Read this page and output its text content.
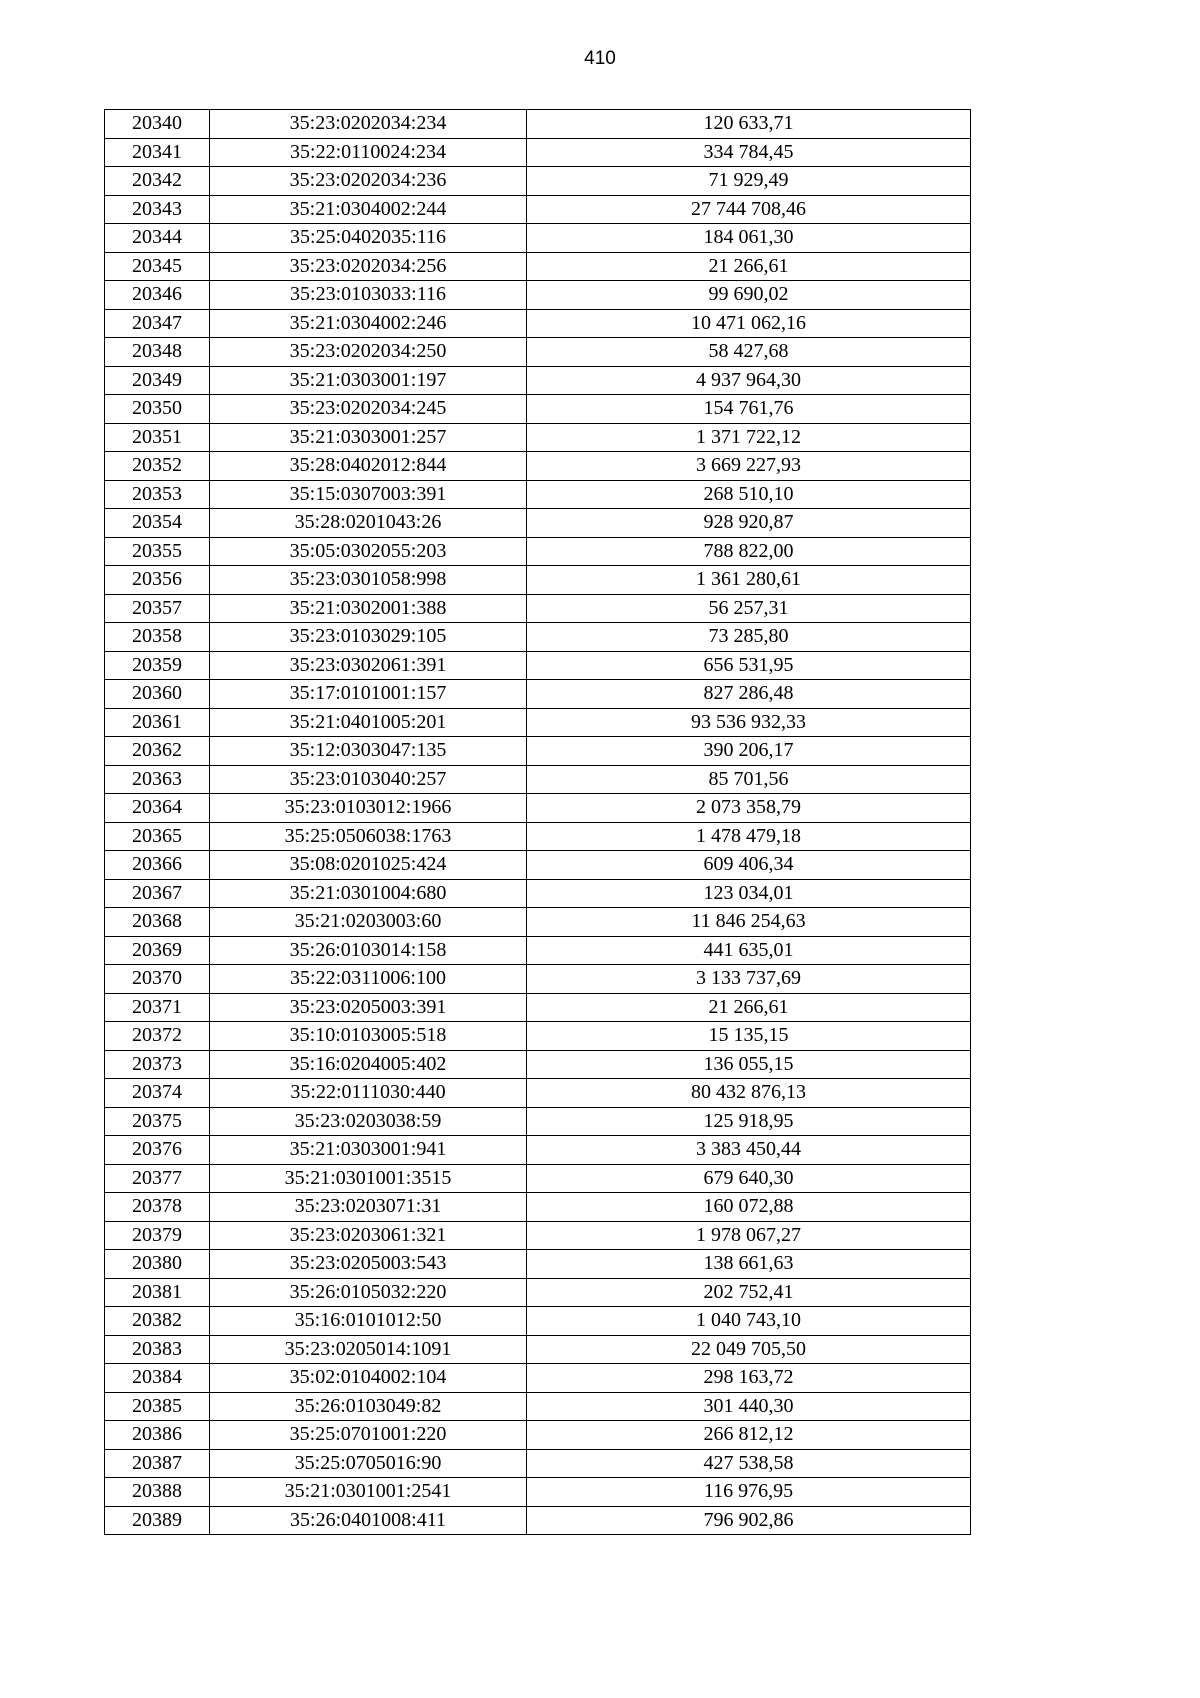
410
20340	35:23:0202034:234	120 633,71
20341	35:22:0110024:234	334 784,45
20342	35:23:0202034:236	71 929,49
20343	35:21:0304002:244	27 744 708,46
20344	35:25:0402035:116	184 061,30
20345	35:23:0202034:256	21 266,61
20346	35:23:0103033:116	99 690,02
20347	35:21:0304002:246	10 471 062,16
20348	35:23:0202034:250	58 427,68
20349	35:21:0303001:197	4 937 964,30
20350	35:23:0202034:245	154 761,76
20351	35:21:0303001:257	1 371 722,12
20352	35:28:0402012:844	3 669 227,93
20353	35:15:0307003:391	268 510,10
20354	35:28:0201043:26	928 920,87
20355	35:05:0302055:203	788 822,00
20356	35:23:0301058:998	1 361 280,61
20357	35:21:0302001:388	56 257,31
20358	35:23:0103029:105	73 285,80
20359	35:23:0302061:391	656 531,95
20360	35:17:0101001:157	827 286,48
20361	35:21:0401005:201	93 536 932,33
20362	35:12:0303047:135	390 206,17
20363	35:23:0103040:257	85 701,56
20364	35:23:0103012:1966	2 073 358,79
20365	35:25:0506038:1763	1 478 479,18
20366	35:08:0201025:424	609 406,34
20367	35:21:0301004:680	123 034,01
20368	35:21:0203003:60	11 846 254,63
20369	35:26:0103014:158	441 635,01
20370	35:22:0311006:100	3 133 737,69
20371	35:23:0205003:391	21 266,61
20372	35:10:0103005:518	15 135,15
20373	35:16:0204005:402	136 055,15
20374	35:22:0111030:440	80 432 876,13
20375	35:23:0203038:59	125 918,95
20376	35:21:0303001:941	3 383 450,44
20377	35:21:0301001:3515	679 640,30
20378	35:23:0203071:31	160 072,88
20379	35:23:0203061:321	1 978 067,27
20380	35:23:0205003:543	138 661,63
20381	35:26:0105032:220	202 752,41
20382	35:16:0101012:50	1 040 743,10
20383	35:23:0205014:1091	22 049 705,50
20384	35:02:0104002:104	298 163,72
20385	35:26:0103049:82	301 440,30
20386	35:25:0701001:220	266 812,12
20387	35:25:0705016:90	427 538,58
20388	35:21:0301001:2541	116 976,95
20389	35:26:0401008:411	796 902,86
